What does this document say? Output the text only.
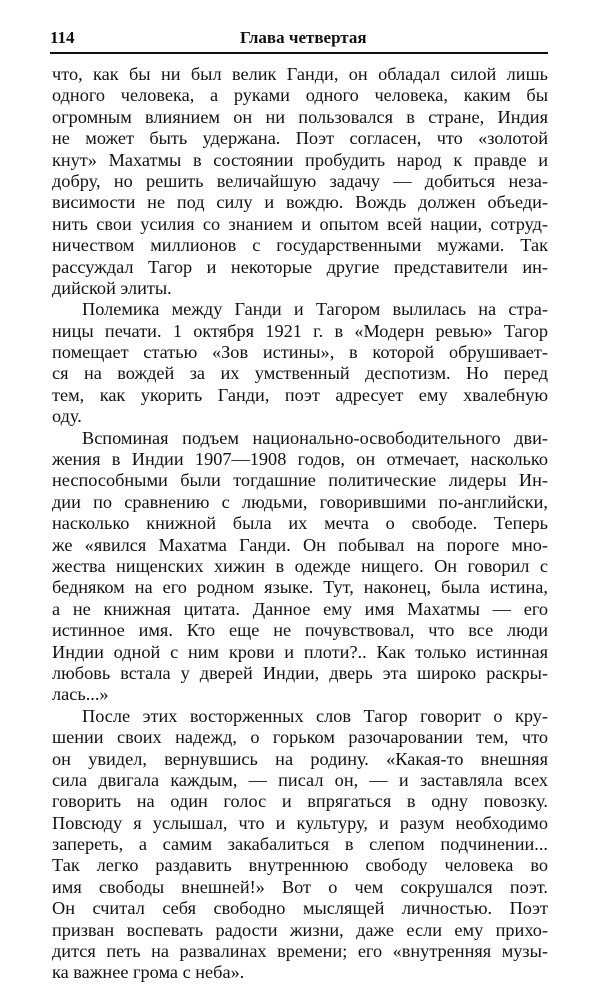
114	Глава четвертая
что, как бы ни был велик Ганди, он обладал силой лишь
одного человека, а руками одного человека, каким бы
огромным влиянием он ни пользовался в стране, Индия
не может быть удержана. Поэт согласен, что «золотой
кнут» Махатмы в состоянии пробудить народ к правде и
добру, но решить величайшую задачу — добиться неза-
висимости не под силу и вождю. Вождь должен объеди-
нить свои усилия со знанием и опытом всей нации, сотруд-
ничеством миллионов с государственными мужами. Так
рассуждал Тагор и некоторые другие представители ин-
дийской элиты.
Полемика между Ганди и Тагором вылилась на стра-
ницы печати. 1 октября 1921 г. в «Модерн ревью» Тагор
помещает статью «Зов истины», в которой обрушивает-
ся на вождей за их умственный деспотизм. Но перед
тем, как укорить Ганди, поэт адресует ему хвалебную
оду.
Вспоминая подъем национально-освободительного дви-
жения в Индии 1907—1908 годов, он отмечает, насколько
неспособными были тогдашние политические лидеры Ин-
дии по сравнению с людьми, говорившими по-английски,
насколько книжной была их мечта о свободе. Теперь
же «явился Махатма Ганди. Он побывал на пороге мно-
жества нищенских хижин в одежде нищего. Он говорил с
бедняком на его родном языке. Тут, наконец, была истина,
а не книжная цитата. Данное ему имя Махатмы — его
истинное имя. Кто еще не почувствовал, что все люди
Индии одной с ним крови и плоти?.. Как только истинная
любовь встала у дверей Индии, дверь эта широко раскры-
лась...»
После этих восторженных слов Тагор говорит о кру-
шении своих надежд, о горьком разочаровании тем, что
он увидел, вернувшись на родину. «Какая-то внешняя
сила двигала каждым, — писал он, — и заставляла всех
говорить на один голос и впрягаться в одну повозку.
Повсюду я услышал, что и культуру, и разум необходимо
запереть, а самим закабалиться в слепом подчинении...
Так легко раздавить внутреннюю свободу человека во
имя свободы внешней!» Вот о чем сокрушался поэт.
Он считал себя свободно мыслящей личностью. Поэт
призван воспевать радости жизни, даже если ему прихо-
дится петь на развалинах времени; его «внутренняя музы-
ка важнее грома с неба».
